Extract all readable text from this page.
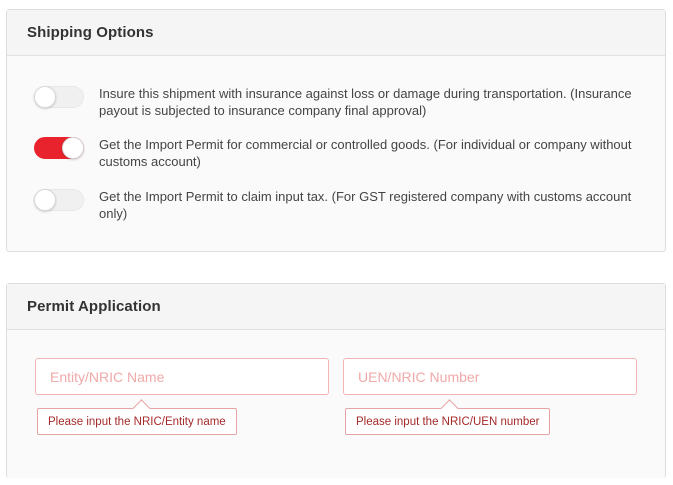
Shipping Options
Insure this shipment with insurance against loss or damage during transportation. (Insurance payout is subjected to insurance company final approval)
Get the Import Permit for commercial or controlled goods. (For individual or company without customs account)
Get the Import Permit to claim input tax. (For GST registered company with customs account only)
Permit Application
Entity/NRIC Name
Please input the NRIC/Entity name
UEN/NRIC Number	Please input the NRIC/UEN number
